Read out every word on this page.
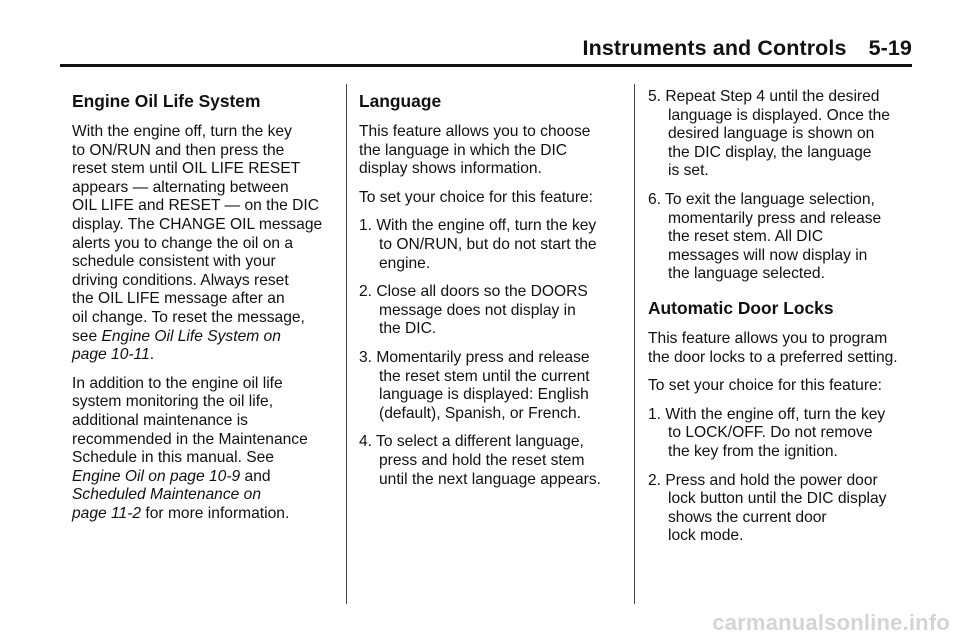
Instruments and Controls 5-19
Engine Oil Life System

With the engine off, turn the key
to ON/RUN and then press the
reset stem until OIL LIFE RESET
appears — alternating between
OIL LIFE and RESET — on the DIC
display. The CHANGE OIL message
alerts you to change the oil on a
schedule consistent with your
driving conditions. Always reset
the OIL LIFE message after an
oil change. To reset the message,
see Engine Oil Life System on
page 10-11.

In addition to the engine oil life
system monitoring the oil life,
additional maintenance is
recommended in the Maintenance
Schedule in this manual. See
Engine Oil on page 10-9 and
Scheduled Maintenance on
page 11-2 for more information.

Language

This feature allows you to choose
the language in which the DIC
display shows information.

To set your choice for this feature:

1. With the engine off, turn the key
to ON/RUN, but do not start the
engine.
2. Close all doors so the DOORS
message does not display in
the DIC.
3. Momentarily press and release
the reset stem until the current
language is displayed: English
(default), Spanish, or French.
4. To select a different language,
press and hold the reset stem
until the next language appears.
5. Repeat Step 4 until the desired
language is displayed. Once the
desired language is shown on
the DIC display, the language
is set.
6. To exit the language selection,
momentarily press and release
the reset stem. All DIC
messages will now display in
the language selected.
Automatic Door Locks

This feature allows you to program
the door locks to a preferred setting.

To set your choice for this feature:

1. With the engine off, turn the key
to LOCK/OFF. Do not remove
the key from the ignition.
2. Press and hold the power door
lock button until the DIC display
shows the current door
lock mode.
carmanualsonline.info
